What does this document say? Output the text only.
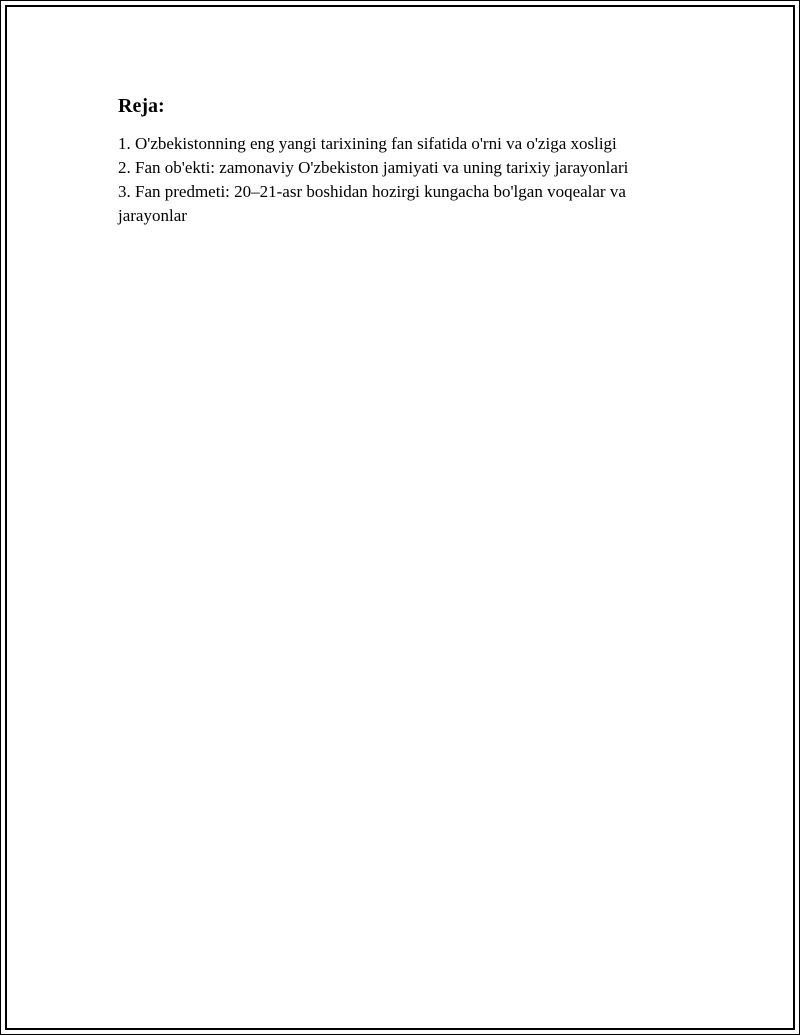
Reja:
1. O'zbekistonning eng yangi tarixining fan sifatida o'rni va o'ziga xosligi
2. Fan ob'ekti: zamonaviy O'zbekiston jamiyati va uning tarixiy jarayonlari
3. Fan predmeti: 20–21-asr boshidan hozirgi kungacha bo'lgan voqealar va jarayonlar
